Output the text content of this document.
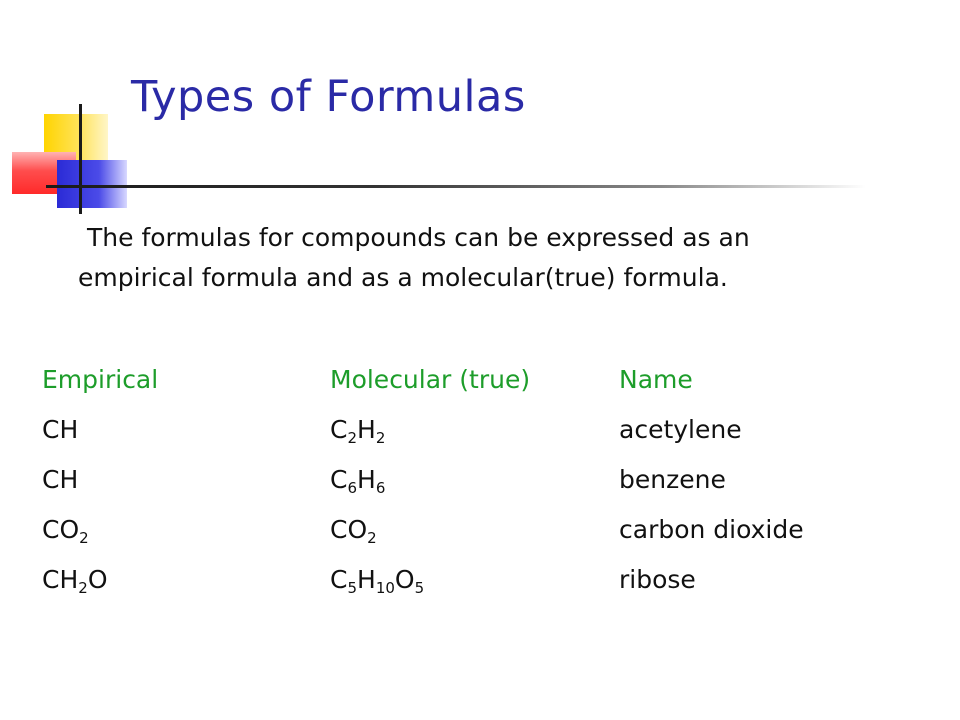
Types of Formulas

The formulas for compounds can be expressed as an
empirical formula and as a molecular(true) formula.

Empirical	Molecular (true)	Name
CH	$C_2H_2$	acetylene
CH	$C_6H_6$	benzene
$CO_2$	$CO_2$	carbon dioxide
$CH_2O$	$C_5H_{10}O_5$	ribose
